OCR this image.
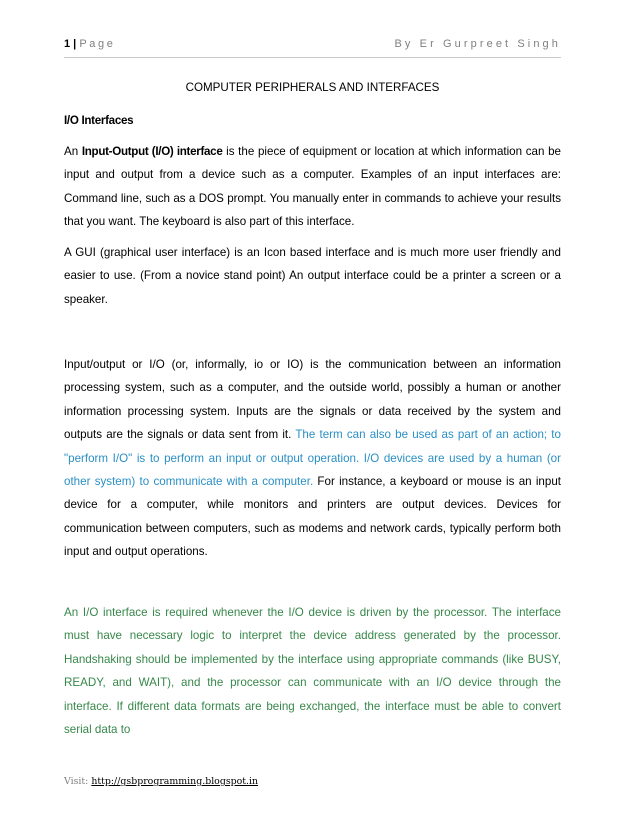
1 | Page	By Er Gurpreet Singh
COMPUTER PERIPHERALS AND INTERFACES
I/O Interfaces

An Input-Output (I/O) interface is the piece of equipment or location at which information can be input and output from a device such as a computer. Examples of an input interfaces are: Command line, such as a DOS prompt. You manually enter in commands to achieve your results that you want. The keyboard is also part of this interface.

A GUI (graphical user interface) is an Icon based interface and is much more user friendly and easier to use. (From a novice stand point) An output interface could be a printer a screen or a speaker.

Input/output or I/O (or, informally, io or IO) is the communication between an information processing system, such as a computer, and the outside world, possibly a human or another information processing system. Inputs are the signals or data received by the system and outputs are the signals or data sent from it. The term can also be used as part of an action; to "perform I/O" is to perform an input or output operation. I/O devices are used by a human (or other system) to communicate with a computer. For instance, a keyboard or mouse is an input device for a computer, while monitors and printers are output devices. Devices for communication between computers, such as modems and network cards, typically perform both input and output operations.

An I/O interface is required whenever the I/O device is driven by the processor. The interface must have necessary logic to interpret the device address generated by the processor. Handshaking should be implemented by the interface using appropriate commands (like BUSY, READY, and WAIT), and the processor can communicate with an I/O device through the interface. If different data formats are being exchanged, the interface must be able to convert serial data to

Visit: http://gsbprogramming.blogspot.in
